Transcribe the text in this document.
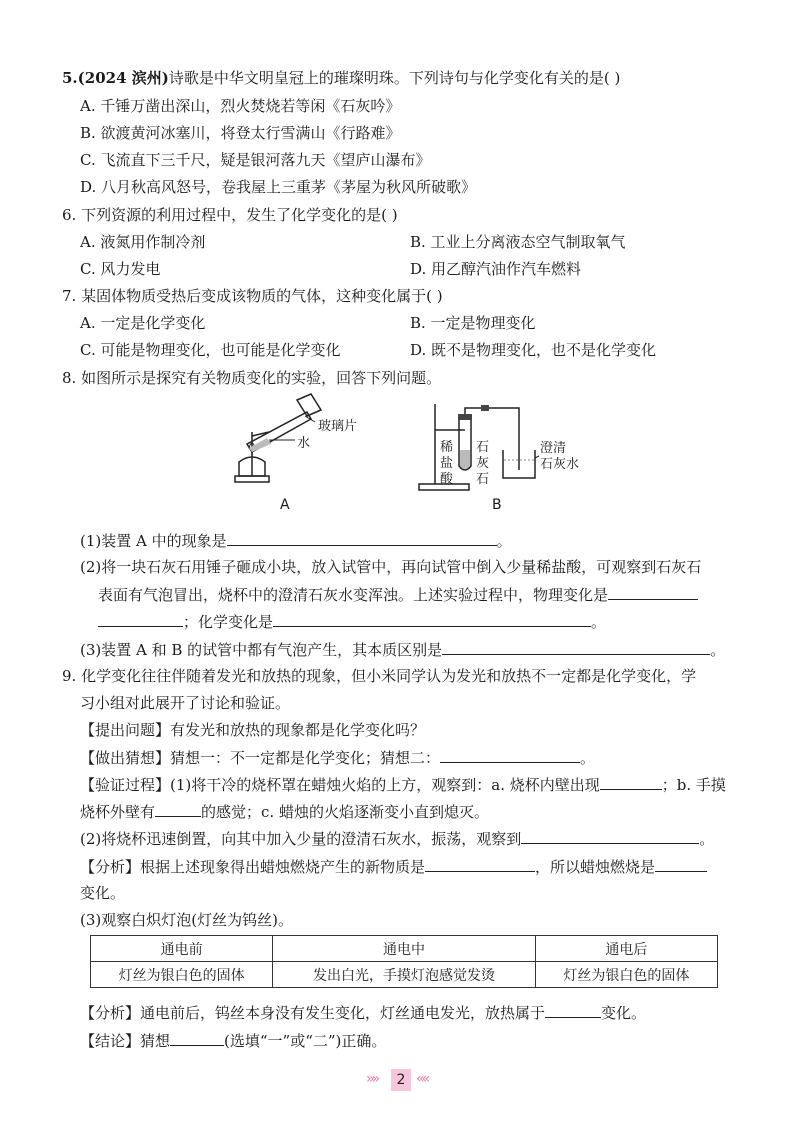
5.(2024 滨州)诗歌是中华文明皇冠上的璀璨明珠。下列诗句与化学变化有关的是( )
A. 千锤万凿出深山，烈火焚烧若等闲《石灰吟》
B. 欲渡黄河冰塞川，将登太行雪满山《行路难》
C. 飞流直下三千尺，疑是银河落九天《望庐山瀑布》
D. 八月秋高风怒号，卷我屋上三重茅《茅屋为秋风所破歌》
6. 下列资源的利用过程中，发生了化学变化的是( )
A. 液氮用作制冷剂	B. 工业上分离液态空气制取氧气
C. 风力发电	D. 用乙醇汽油作汽车燃料
7. 某固体物质受热后变成该物质的气体，这种变化属于( )
A. 一定是化学变化	B. 一定是物理变化
C. 可能是物理变化，也可能是化学变化	D. 既不是物理变化，也不是化学变化
8. 如图所示是探究有关物质变化的实验，回答下列问题。
玻璃片
水
A
稀
盐
酸
石
灰
石
澄清
石灰水
B
(1)装置 A 中的现象是	。
(2)将一块石灰石用锤子砸成小块，放入试管中，再向试管中倒入少量稀盐酸，可观察到石灰石
表面有气泡冒出，烧杯中的澄清石灰水变浑浊。上述实验过程中，物理变化是
；化学变化是	。
(3)装置 A 和 B 的试管中都有气泡产生，其本质区别是	。
9. 化学变化往往伴随着发光和放热的现象，但小米同学认为发光和放热不一定都是化学变化，学
习小组对此展开了讨论和验证。
【提出问题】有发光和放热的现象都是化学变化吗？
【做出猜想】猜想一：不一定都是化学变化；猜想二：	。
【验证过程】(1)将干冷的烧杯罩在蜡烛火焰的上方，观察到：a. 烧杯内壁出现	；b. 手摸
烧杯外壁有	的感觉；c. 蜡烛的火焰逐渐变小直到熄灭。
(2)将烧杯迅速倒置，向其中加入少量的澄清石灰水，振荡，观察到	。
【分析】根据上述现象得出蜡烛燃烧产生的新物质是	，所以蜡烛燃烧是
变化。
(3)观察白炽灯泡(灯丝为钨丝)。
通电前	通电中	通电后
灯丝为银白色的固体	发出白光，手摸灯泡感觉发烫	灯丝为银白色的固体
【分析】通电前后，钨丝本身没有发生变化，灯丝通电发光，放热属于	变化。
【结论】猜想	(选填“一”或“二”)正确。
»»	2 ««
